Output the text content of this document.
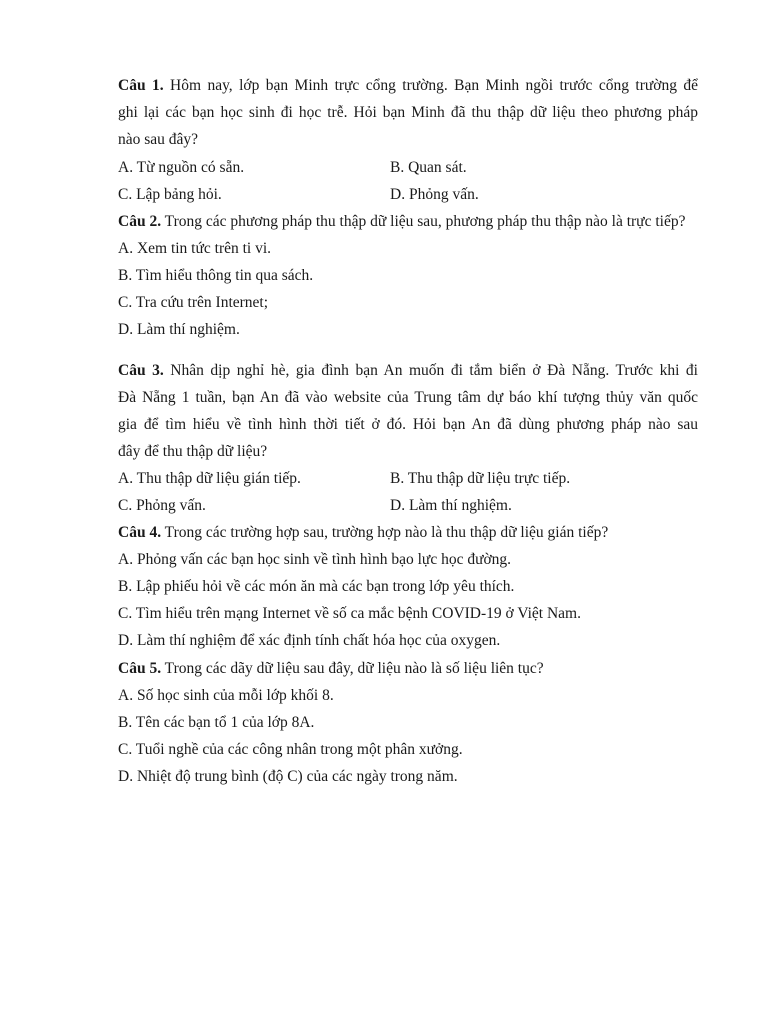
Câu 1. Hôm nay, lớp bạn Minh trực cổng trường. Bạn Minh ngồi trước cổng trường để
ghi lại các bạn học sinh đi học trễ. Hỏi bạn Minh đã thu thập dữ liệu theo phương pháp
nào sau đây?
A. Từ nguồn có sẵn.	B. Quan sát.
C. Lập bảng hỏi.	D. Phỏng vấn.
Câu 2. Trong các phương pháp thu thập dữ liệu sau, phương pháp thu thập nào là trực tiếp?
A. Xem tin tức trên ti vi.
B. Tìm hiểu thông tin qua sách.
C. Tra cứu trên Internet;
D. Làm thí nghiệm.
Câu 3. Nhân dịp nghỉ hè, gia đình bạn An muốn đi tắm biển ở Đà Nẵng. Trước khi đi
Đà Nẵng 1 tuần, bạn An đã vào website của Trung tâm dự báo khí tượng thủy văn quốc
gia để tìm hiểu về tình hình thời tiết ở đó. Hỏi bạn An đã dùng phương pháp nào sau
đây để thu thập dữ liệu?
A. Thu thập dữ liệu gián tiếp.	B. Thu thập dữ liệu trực tiếp.
C. Phỏng vấn.	D. Làm thí nghiệm.
Câu 4. Trong các trường hợp sau, trường hợp nào là thu thập dữ liệu gián tiếp?
A. Phỏng vấn các bạn học sinh về tình hình bạo lực học đường.
B. Lập phiếu hỏi về các món ăn mà các bạn trong lớp yêu thích.
C. Tìm hiểu trên mạng Internet về số ca mắc bệnh COVID-19 ở Việt Nam.
D. Làm thí nghiệm để xác định tính chất hóa học của oxygen.
Câu 5. Trong các dãy dữ liệu sau đây, dữ liệu nào là số liệu liên tục?
A. Số học sinh của mỗi lớp khối 8.
B. Tên các bạn tổ 1 của lớp 8A.
C. Tuổi nghề của các công nhân trong một phân xưởng.
D. Nhiệt độ trung bình (độ C) của các ngày trong năm.
